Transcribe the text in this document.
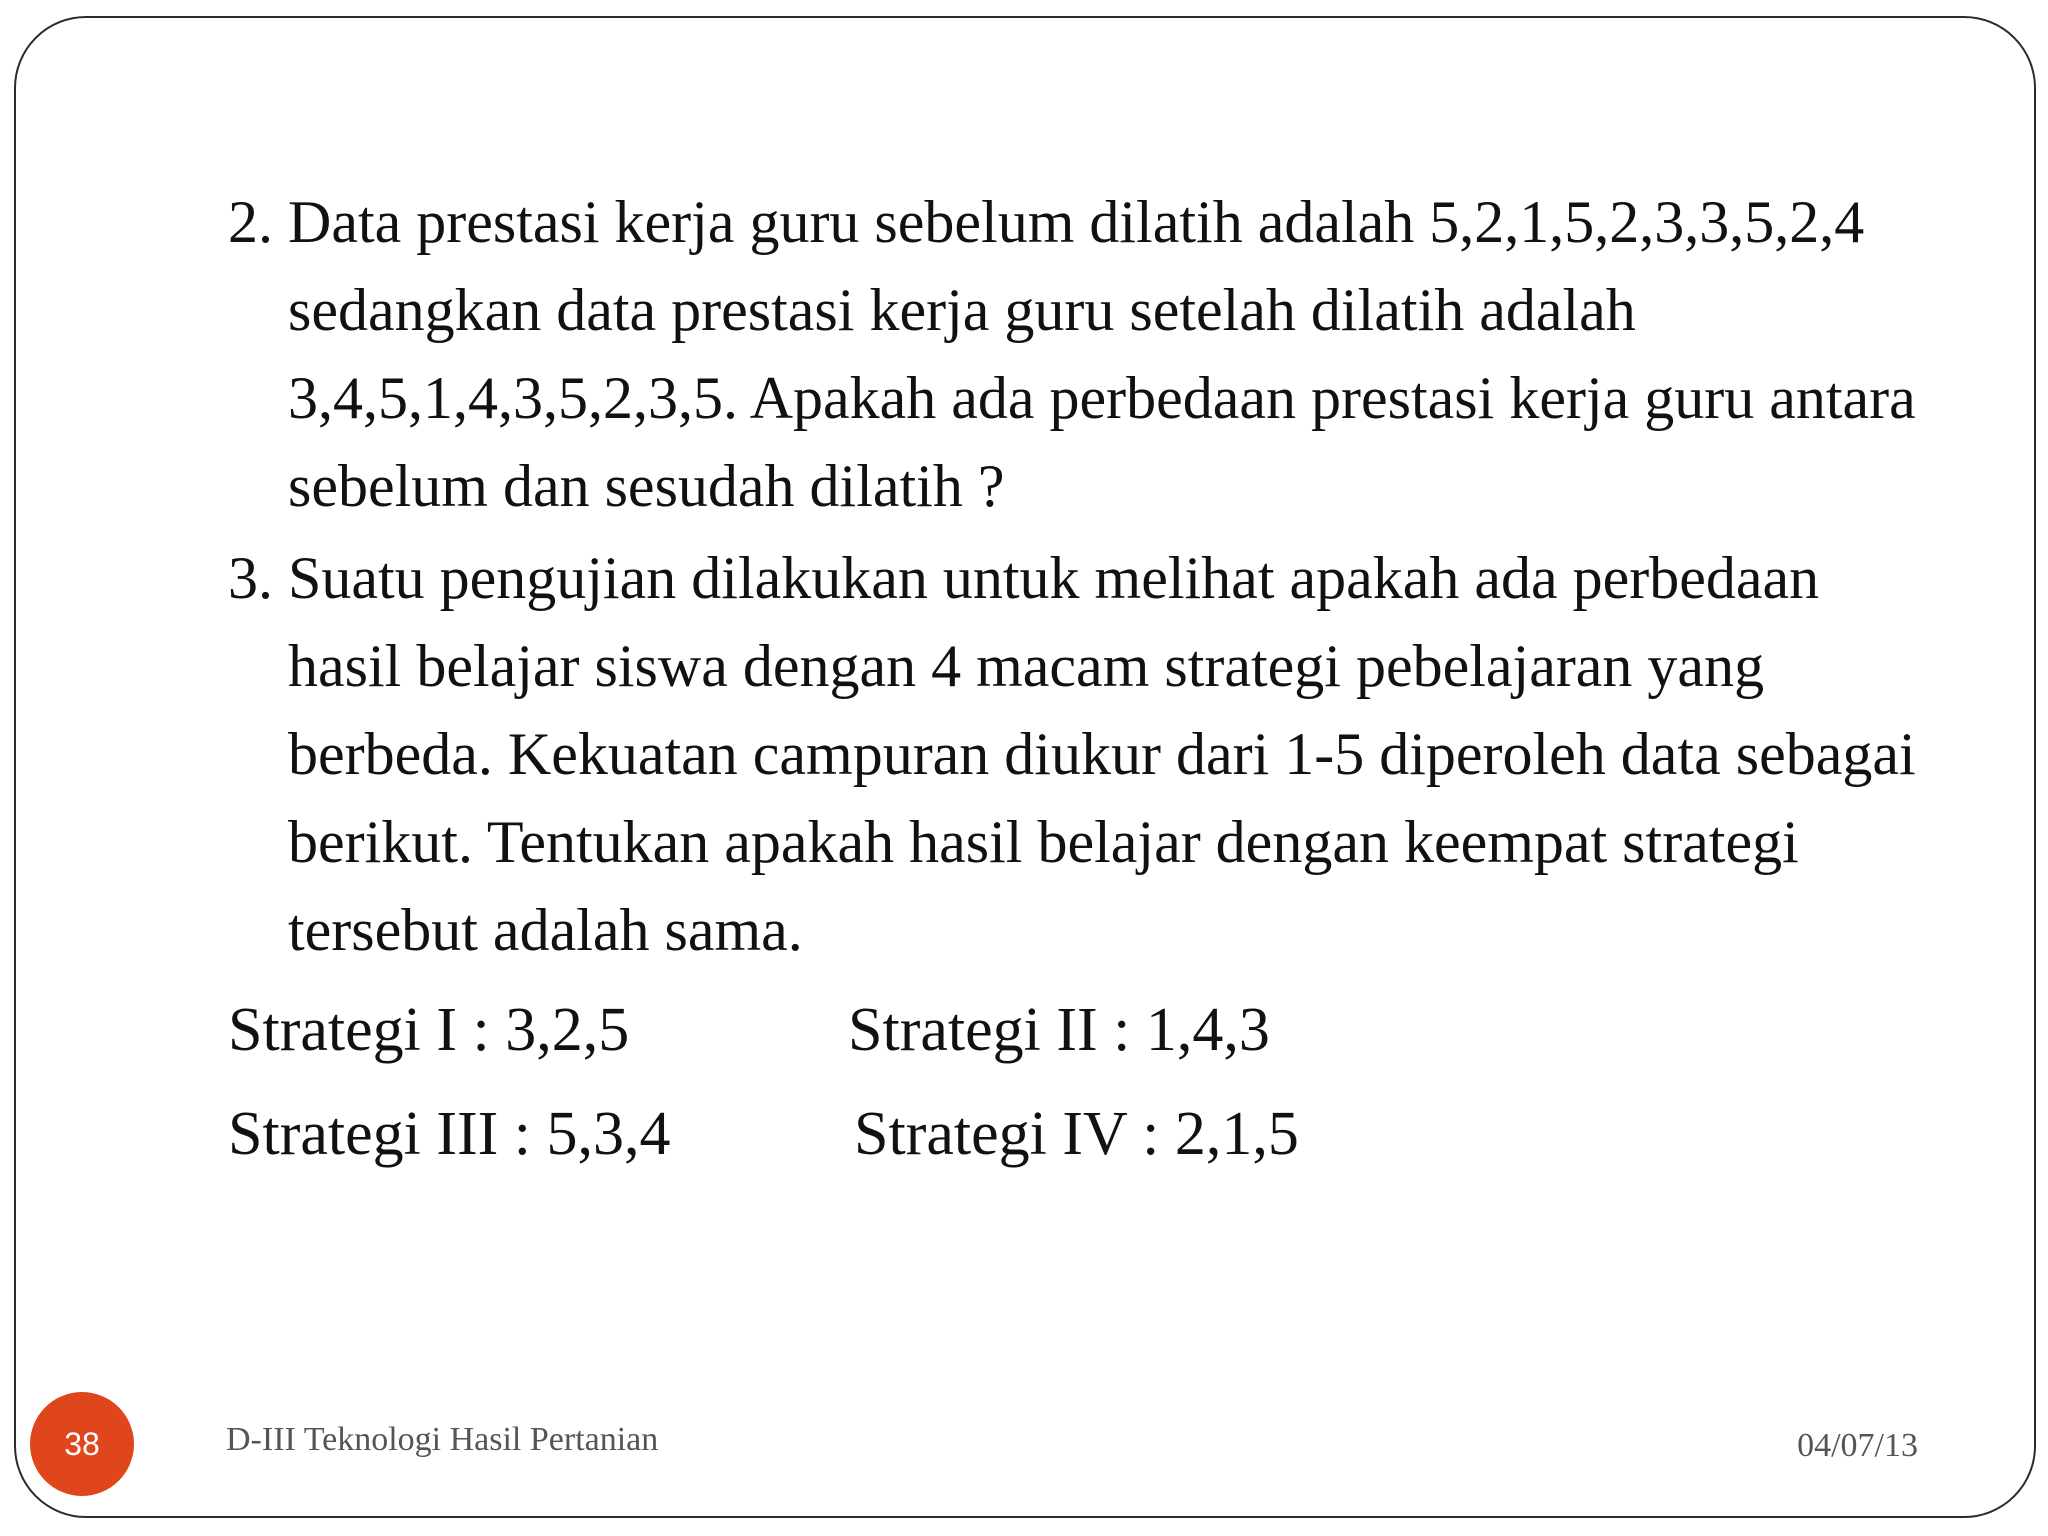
2. Data prestasi kerja guru sebelum dilatih adalah 5,2,1,5,2,3,3,5,2,4 sedangkan data prestasi kerja guru setelah dilatih adalah 3,4,5,1,4,3,5,2,3,5. Apakah ada perbedaan prestasi kerja guru antara sebelum dan sesudah dilatih ?

3. Suatu pengujian dilakukan untuk melihat apakah ada perbedaan hasil belajar siswa dengan 4 macam strategi pebelajaran yang berbeda. Kekuatan campuran diukur dari 1-5 diperoleh data sebagai berikut. Tentukan apakah hasil belajar dengan keempat strategi tersebut adalah sama.

Strategi I : 3,2,5	Strategi II : 1,4,3
Strategi III : 5,3,4	Strategi IV : 2,1,5
38	D-III Teknologi Hasil Pertanian	04/07/13
